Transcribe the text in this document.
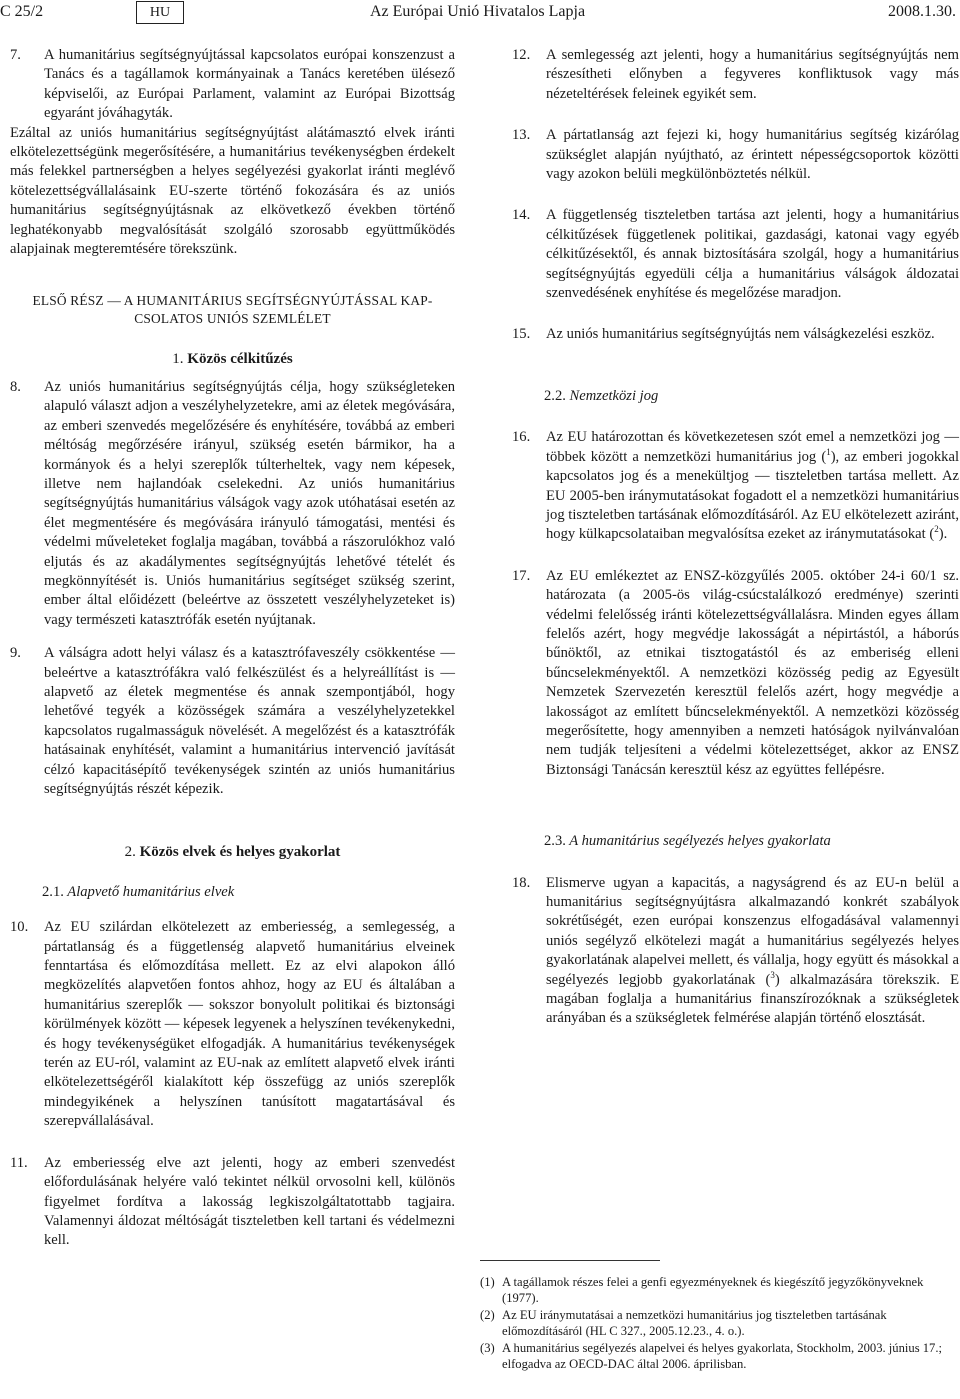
C 25/2	HU	Az Európai Unió Hivatalos Lapja	2008.1.30.
7.	A humanitárius segítségnyújtással kapcsolatos európai konszenzust a Tanács és a tagállamok kormányainak a Tanács keretében ülésező képviselői, az Európai Parlament, valamint az Európai Bizottság egyaránt jóváhagyták.

Ezáltal az uniós humanitárius segítségnyújtást alátámasztó elvek iránti elkötelezettségünk megerősítésére, a humanitárius tevékenységben érdekelt más felekkel partnerségben a helyes segélyezési gyakorlat iránti meglévő kötelezettségvállalásaink EU-szerte történő fokozására és az uniós humanitárius segítségnyújtásnak az elkövetkező években történő leghatékonyabb megvalósítását szolgáló szorosabb együttműködés alapjainak megteremtésére törekszünk.

ELSŐ RÉSZ — A HUMANITÁRIUS SEGÍTSÉGNYÚJTÁSSAL KAP-CSOLATOS UNIÓS SZEMLÉLET

1. Közös célkitűzés

8.	Az uniós humanitárius segítségnyújtás célja, hogy szükségleteken alapuló választ adjon a veszélyhelyzetekre, ami az életek megóvására, az emberi szenvedés megelőzésére és enyhítésére, továbbá az emberi méltóság megőrzésére irányul, szükség esetén bármikor, ha a kormányok és a helyi szereplők túlterheltek, vagy nem képesek, illetve nem hajlandóak cselekedni. Az uniós humanitárius segítségnyújtás humanitárius válságok vagy azok utóhatásai esetén az élet megmentésére és megóvására irányuló támogatási, mentési és védelmi műveleteket foglalja magában, továbbá a rászorulókhoz való eljutás és az akadálymentes segítségnyújtás lehetővé tételét és megkönnyítését is. Uniós humanitárius segítséget szükség szerint, ember által előidézett (beleértve az összetett veszélyhelyzeteket is) vagy természeti katasztrófák esetén nyújtanak.
9.	A válságra adott helyi válasz és a katasztrófaveszély csökkentése — beleértve a katasztrófákra való felkészülést és a helyreállítást is — alapvető az életek megmentése és annak szempontjából, hogy lehetővé tegyék a közösségek számára a veszélyhelyzetekkel kapcsolatos rugalmasságuk növelését. A megelőzést és a katasztrófák hatásainak enyhítését, valamint a humanitárius intervenció javítását célzó kapacitásépítő tevékenységek szintén az uniós humanitárius segítségnyújtás részét képezik.

2. Közös elvek és helyes gyakorlat

2.1. Alapvető humanitárius elvek

10.	Az EU szilárdan elkötelezett az emberiesség, a semlegesség, a pártatlanság és a függetlenség alapvető humanitárius elveinek fenntartása és előmozdítása mellett. Ez az elvi alapokon álló megközelítés alapvetően fontos ahhoz, hogy az EU és általában a humanitárius szereplők — sokszor bonyolult politikai és biztonsági körülmények között — képesek legyenek a helyszínen tevékenykedni, és hogy tevékenységüket elfogadják. A humanitárius tevékenységek terén az EU-ról, valamint az EU-nak az említett alapvető elvek iránti elkötelezettségéről kialakított kép összefügg az uniós szereplők mindegyikének a helyszínen tanúsított magatartásával és szerepvállalásával.
11.	Az emberiesség elve azt jelenti, hogy az emberi szenvedést előfordulásának helyére való tekintet nélkül orvosolni kell, különös figyelmet fordítva a lakosság legkiszolgáltatottabb tagjaira. Valamennyi áldozat méltóságát tiszteletben kell tartani és védelmezni kell.
12.	A semlegesség azt jelenti, hogy a humanitárius segítségnyújtás nem részesítheti előnyben a fegyveres konfliktusok vagy más nézeteltérések feleinek egyikét sem.
13.	A pártatlanság azt fejezi ki, hogy humanitárius segítség kizárólag szükséglet alapján nyújtható, az érintett népességcsoportok közötti vagy azokon belüli megkülönböztetés nélkül.
14.	A függetlenség tiszteletben tartása azt jelenti, hogy a humanitárius célkitűzések függetlenek politikai, gazdasági, katonai vagy egyéb célkitűzésektől, és annak biztosítására szolgál, hogy a humanitárius segítségnyújtás egyedüli célja a humanitárius válságok áldozatai szenvedésének enyhítése és megelőzése maradjon.
15.	Az uniós humanitárius segítségnyújtás nem válságkezelési eszköz.

2.2. Nemzetközi jog

16.	Az EU határozottan és következetesen szót emel a nemzetközi jog — többek között a nemzetközi humanitárius jog ($^1$), az emberi jogokkal kapcsolatos jog és a menekültjog — tiszteletben tartása mellett. Az EU 2005-ben iránymutatásokat fogadott el a nemzetközi humanitárius jog tiszteletben tartásának előmozdításáról. Az EU elkötelezett aziránt, hogy külkapcsolataiban megvalósítsa ezeket az iránymutatásokat ($^2$).
17.	Az EU emlékeztet az ENSZ-közgyűlés 2005. október 24-i 60/1 sz. határozata (a 2005-ös világ-csúcstalálkozó eredménye) szerinti védelmi felelősség iránti kötelezettségvállalásra. Minden egyes állam felelős azért, hogy megvédje lakosságát a népirtástól, a háborús bűnöktől, az etnikai tisztogatástól és az emberiség elleni bűncselekményektől. A nemzetközi közösség pedig az Egyesült Nemzetek Szervezetén keresztül felelős azért, hogy megvédje a lakosságot az említett bűncselekményektől. A nemzetközi közösség megerősítette, hogy amennyiben a nemzeti hatóságok nyilvánvalóan nem tudják teljesíteni a védelmi kötelezettséget, akkor az ENSZ Biztonsági Tanácsán keresztül kész az együttes fellépésre.

2.3. A humanitárius segélyezés helyes gyakorlata

18.	Elismerve ugyan a kapacitás, a nagyságrend és az EU-n belül a humanitárius segítségnyújtásra alkalmazandó konkrét szabályok sokrétűségét, ezen európai konszenzus elfogadásával valamennyi uniós segélyző elkötelezi magát a humanitárius segélyezés helyes gyakorlatának alapelvei mellett, és vállalja, hogy együtt és másokkal a segélyezés legjobb gyakorlatának ($^3$) alkalmazására törekszik. E magában foglalja a humanitárius finanszírozóknak a szükségletek arányában és a szükségletek felmérése alapján történő elosztását.

(1) A tagállamok részes felei a genfi egyezményeknek és kiegészítő jegyzőkönyveknek (1977).

(2) Az EU iránymutatásai a nemzetközi humanitárius jog tiszteletben tartásának előmozdításáról (HL C 327., 2005.12.23., 4. o.).

(3) A humanitárius segélyezés alapelvei és helyes gyakorlata, Stockholm, 2003. június 17.; elfogadva az OECD-DAC által 2006. áprilisban.
